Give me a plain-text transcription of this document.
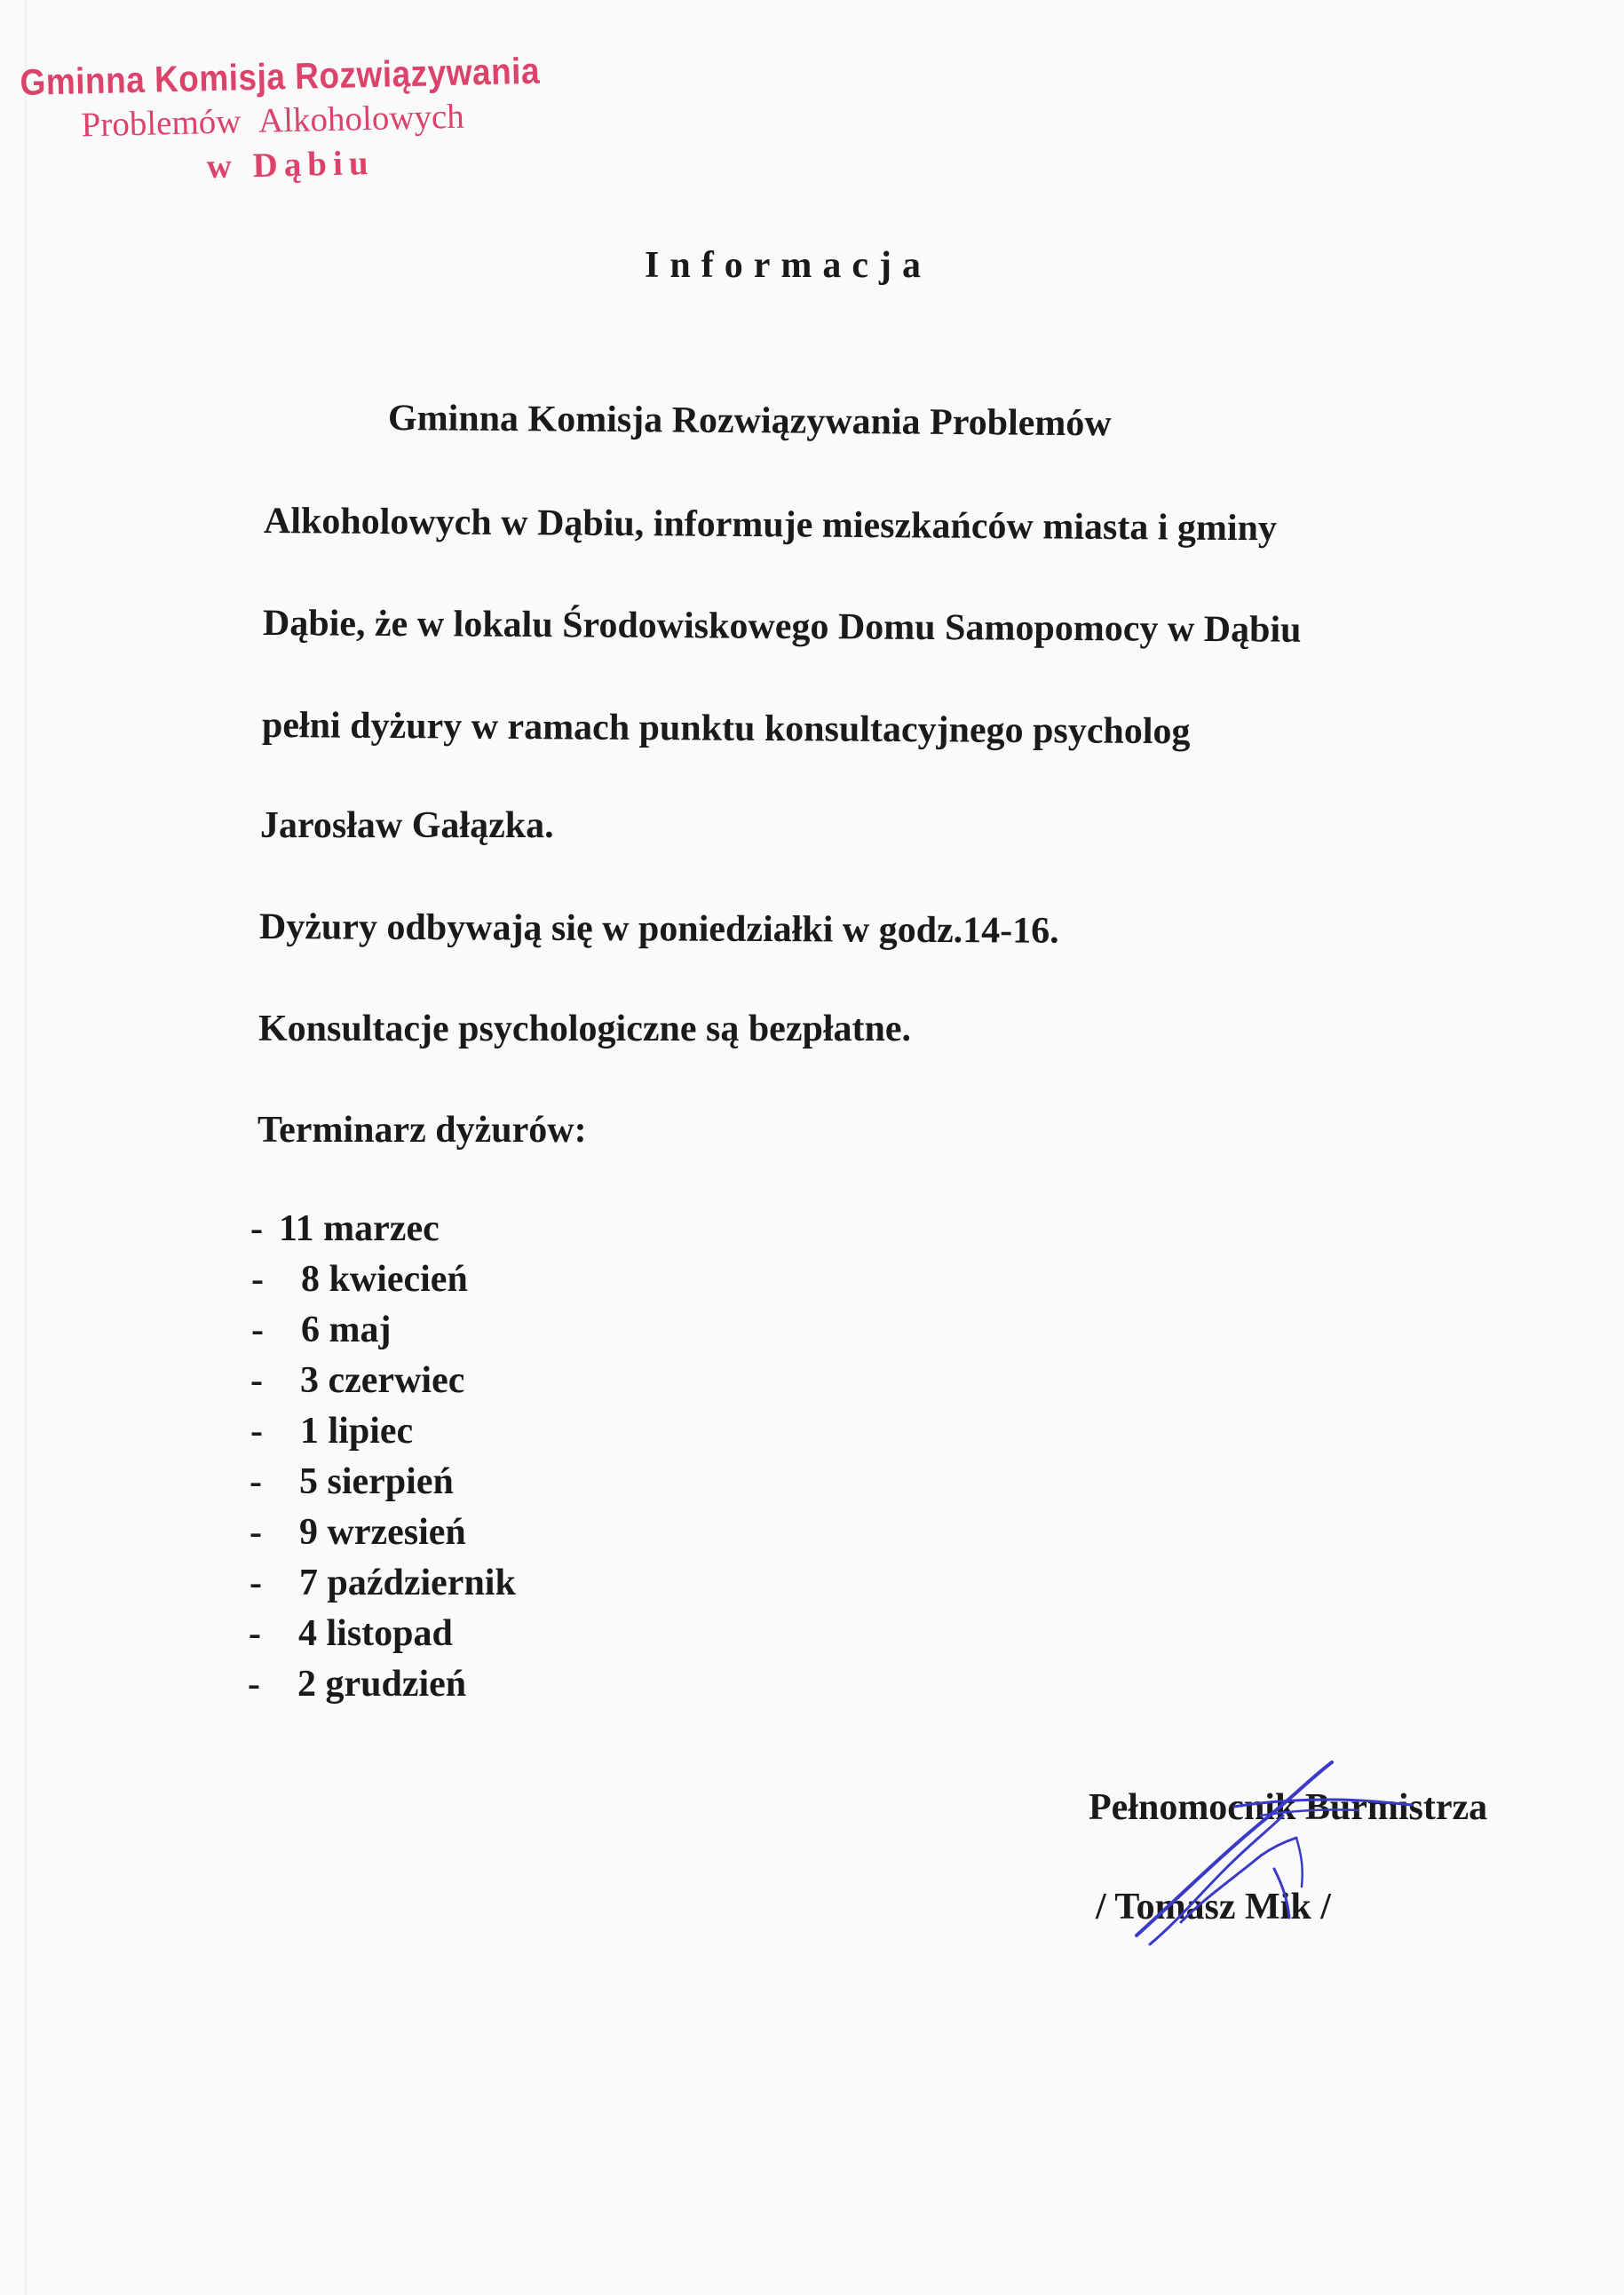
Gminna Komisja Rozwiązywania
Problemów Alkoholowych
w Dąbiu
Informacja
Gminna Komisja Rozwiązywania Problemów
Alkoholowych w Dąbiu, informuje mieszkańców miasta i gminy
Dąbie, że w lokalu Środowiskowego Domu Samopomocy w Dąbiu
pełni dyżury w ramach punktu konsultacyjnego psycholog
Jarosław Gałązka.
Dyżury odbywają się w poniedziałki w godz.14-16.
Konsultacje psychologiczne są bezpłatne.
Terminarz dyżurów:
- 11 marzec
- 8 kwiecień
- 6 maj
- 3 czerwiec
- 1 lipiec
- 5 sierpień
- 9 wrzesień
- 7 październik
- 4 listopad
- 2 grudzień
Pełnomocnik Burmistrza
/ Tomasz Mik /
